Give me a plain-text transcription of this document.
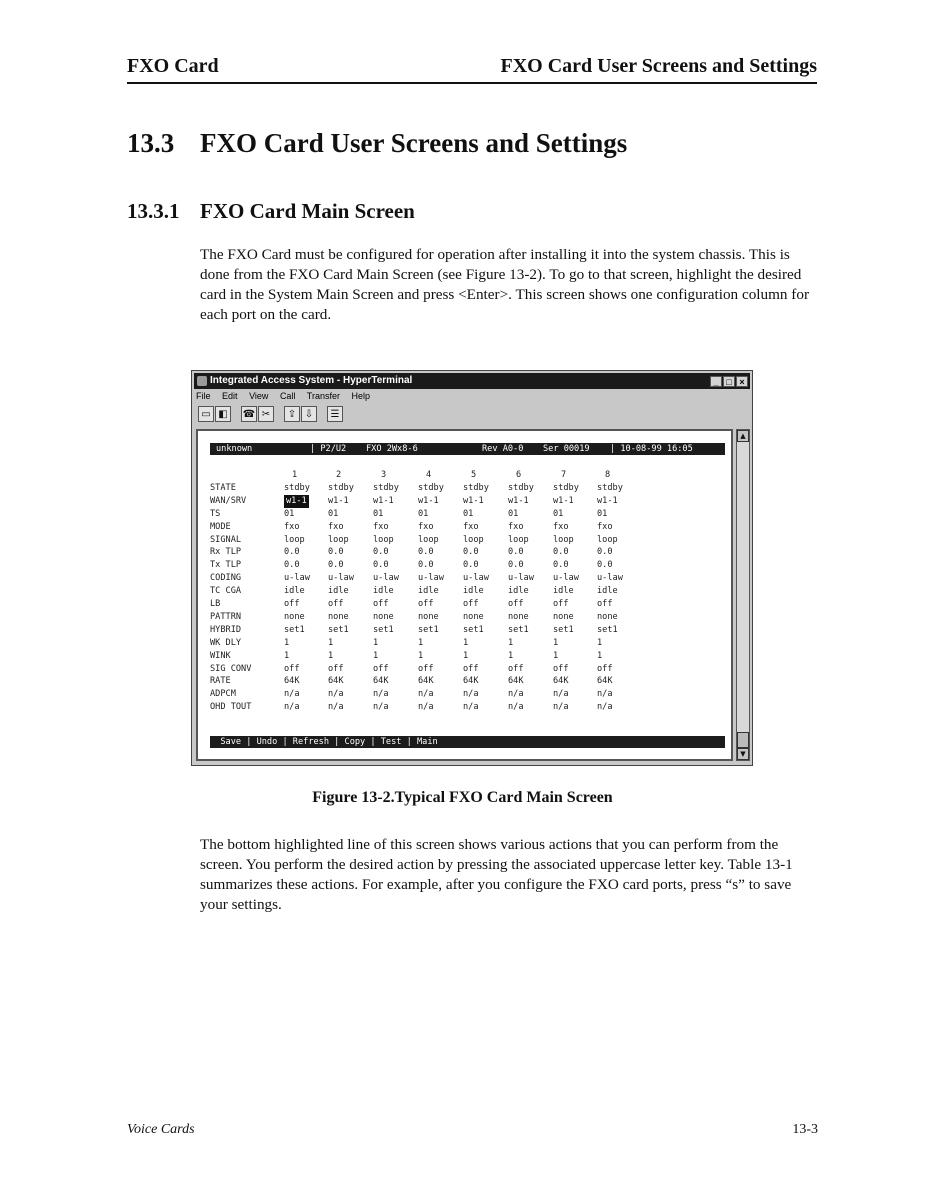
FXO Card	FXO Card User Screens and Settings
13.3 FXO Card User Screens and Settings
13.3.1 FXO Card Main Screen

The FXO Card must be configured for operation after installing it into the system chassis. This is done from the FXO Card Main Screen (see Figure 13-2). To go to that screen, highlight the desired card in the System Main Screen and press <Enter>. This screen shows one configuration column for each port on the card.

Integrated Access System - HyperTerminal	_ □ ×
File Edit View Call Transfer Help
▭ ◧ ☎ ✂ ⇪ ⇩ ☰

unknown

	| P2/U2

FXO 2Wx8-6

	Rev A0-0

Ser 00019

| 10-08-99 16:05

1	2	3	4	5	6	7	8
STATE	stdby stdby stdby stdby stdby stdby stdby stdby
WAN/SRV	w1-1 w1-1	w1-1	w1-1	w1-1	w1-1	w1-1	w1-1
TS	01	01	01	01	01	01	01	01
MODE	fxo	fxo	fxo	fxo	fxo	fxo	fxo	fxo
SIGNAL	loop	loop	loop	loop	loop	loop	loop	loop
Rx TLP	0.0	0.0	0.0	0.0	0.0	0.0	0.0	0.0
Tx TLP	0.0	0.0	0.0	0.0	0.0	0.0	0.0	0.0
CODING	u-law u-law u-law u-law u-law u-law u-law u-law
TC CGA	idle	idle	idle	idle	idle	idle	idle	idle
LB	off	off	off	off	off	off	off	off
PATTRN	none	none	none	none	none	none	none	none
HYBRID	set1	set1	set1	set1	set1	set1	set1	set1
WK DLY	1	1	1	1	1	1	1	1
WINK	1	1	1	1	1	1	1	1
SIG CONV	off	off	off	off	off	off	off	off
RATE	64K	64K	64K	64K	64K	64K	64K	64K
ADPCM	n/a	n/a	n/a	n/a	n/a	n/a	n/a	n/a
OHD TOUT	n/a	n/a	n/a	n/a	n/a	n/a	n/a	n/a
Save | Undo | Refresh | Copy | Test | Main
▲
▼
Figure 13-2.Typical FXO Card Main Screen

The bottom highlighted line of this screen shows various actions that you can perform from the screen. You perform the desired action by pressing the associated uppercase letter key. Table 13-1 summarizes these actions. For example, after you configure the FXO card ports, press “s” to save your settings.

Voice Cards	13-3
